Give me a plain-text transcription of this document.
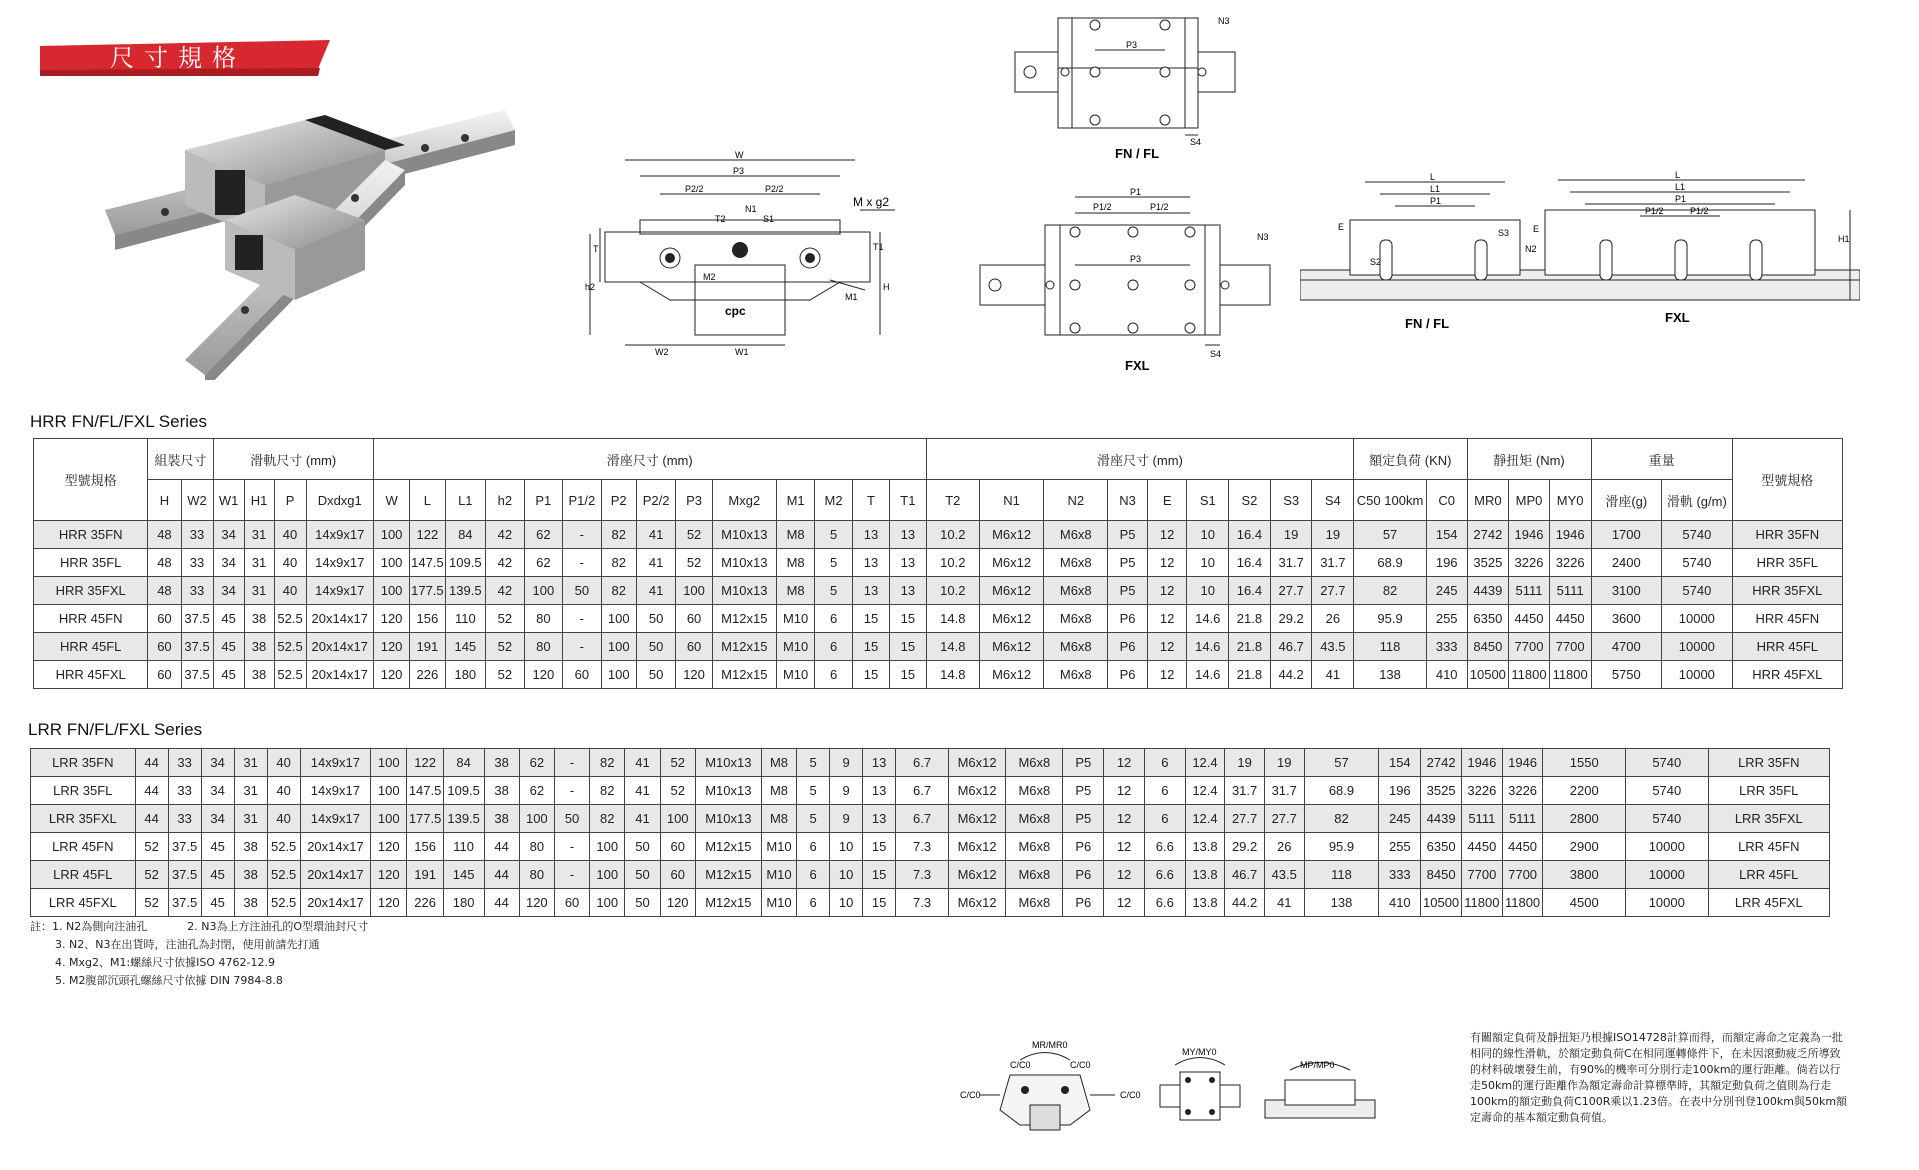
尺寸規格
W
P3
P2/2	P2/2
M x g2
N1
S1
T2
T1
T
M2
M1
H
h2
W2	W1
cpc
N3
P3
S4
FN / FL
P1
P1/2	P1/2
P3
N3
S4
FXL
L
L1
P1
E
S2
S3
N2
H1
FN / FL
E
L
L1
P1
P1/2	P1/2
FXL
HRR FN/FL/FXL Series
型號規格	組裝尺寸		滑軌尺寸 (mm)				滑座尺寸 (mm)														滑座尺寸 (mm)									額定負荷 (KN)		靜扭矩 (Nm)			重量		型號規格
	H	W2	W1	H1	P	Dxdxg1	W	L	L1	h2	P1	P1/2	P2	P2/2	P3	Mxg2	M1	M2	T	T1	T2	N1	N2	N3	E	S1	S2	S3	S4	C50 100km	C0	MR0	MP0	MY0	滑座(g)	滑軌 (g/m)	
HRR 35FN	48	33	34	31	40	14x9x17	100	122	84	42	62	-	82	41	52	M10x13	M8	5	13	13	10.2	M6x12	M6x8	P5	12	10	16.4	19	19	57	154	2742	1946	1946	1700	5740	HRR 35FN
HRR 35FL	48	33	34	31	40	14x9x17	100	147.5	109.5	42	62	-	82	41	52	M10x13	M8	5	13	13	10.2	M6x12	M6x8	P5	12	10	16.4	31.7	31.7	68.9	196	3525	3226	3226	2400	5740	HRR 35FL
HRR 35FXL	48	33	34	31	40	14x9x17	100	177.5	139.5	42	100	50	82	41	100	M10x13	M8	5	13	13	10.2	M6x12	M6x8	P5	12	10	16.4	27.7	27.7	82	245	4439	5111	5111	3100	5740	HRR 35FXL
HRR 45FN	60	37.5	45	38	52.5	20x14x17	120	156	110	52	80	-	100	50	60	M12x15	M10	6	15	15	14.8	M6x12	M6x8	P6	12	14.6	21.8	29.2	26	95.9	255	6350	4450	4450	3600	10000	HRR 45FN
HRR 45FL	60	37.5	45	38	52.5	20x14x17	120	191	145	52	80	-	100	50	60	M12x15	M10	6	15	15	14.8	M6x12	M6x8	P6	12	14.6	21.8	46.7	43.5	118	333	8450	7700	7700	4700	10000	HRR 45FL
HRR 45FXL	60	37.5	45	38	52.5	20x14x17	120	226	180	52	120	60	100	50	120	M12x15	M10	6	15	15	14.8	M6x12	M6x8	P6	12	14.6	21.8	44.2	41	138	410	10500	11800	11800	5750	10000	HRR 45FXL
LRR FN/FL/FXL Series
LRR 35FN	44	33	34	31	40	14x9x17	100	122	84	38	62	-	82	41	52	M10x13	M8	5	9	13	6.7	M6x12	M6x8	P5	12	6	12.4	19	19	57	154	2742	1946	1946	1550	5740	LRR 35FN
LRR 35FL	44	33	34	31	40	14x9x17	100	147.5	109.5	38	62	-	82	41	52	M10x13	M8	5	9	13	6.7	M6x12	M6x8	P5	12	6	12.4	31.7	31.7	68.9	196	3525	3226	3226	2200	5740	LRR 35FL
LRR 35FXL	44	33	34	31	40	14x9x17	100	177.5	139.5	38	100	50	82	41	100	M10x13	M8	5	9	13	6.7	M6x12	M6x8	P5	12	6	12.4	27.7	27.7	82	245	4439	5111	5111	2800	5740	LRR 35FXL
LRR 45FN	52	37.5	45	38	52.5	20x14x17	120	156	110	44	80	-	100	50	60	M12x15	M10	6	10	15	7.3	M6x12	M6x8	P6	12	6.6	13.8	29.2	26	95.9	255	6350	4450	4450	2900	10000	LRR 45FN
LRR 45FL	52	37.5	45	38	52.5	20x14x17	120	191	145	44	80	-	100	50	60	M12x15	M10	6	10	15	7.3	M6x12	M6x8	P6	12	6.6	13.8	46.7	43.5	118	333	8450	7700	7700	3800	10000	LRR 45FL
LRR 45FXL	52	37.5	45	38	52.5	20x14x17	120	226	180	44	120	60	100	50	120	M12x15	M10	6	10	15	7.3	M6x12	M6x8	P6	12	6.6	13.8	44.2	41	138	410	10500	11800	11800	4500	10000	LRR 45FXL
註：1. N2為側向注油孔	2. N3為上方注油孔的O型環油封尺寸
3. N2、N3在出貨時，注油孔為封閉，使用前請先打通
4. Mxg2、M1:螺絲尺寸依據ISO 4762-12.9
5. M2腹部沉頭孔螺絲尺寸依據 DIN 7984-8.8
MR/MR0
C/C0	C/C0
C/C0	C/C0
MY/MY0
MP/MP0
有關額定負荷及靜扭矩乃根據ISO14728計算而得，而額定壽命之定義為一批相同的線性滑軌，於額定動負荷C在相同運轉條件下，在未因滾動疲乏所導致的材料破壞發生前，有90%的機率可分別行走100km的運行距離。倘若以行走50km的運行距離作為額定壽命計算標準時，其額定動負荷之值則為行走100km的額定動負荷C100R乘以1.23倍。在表中分別刊登100km與50km額定壽命的基本額定動負荷值。
